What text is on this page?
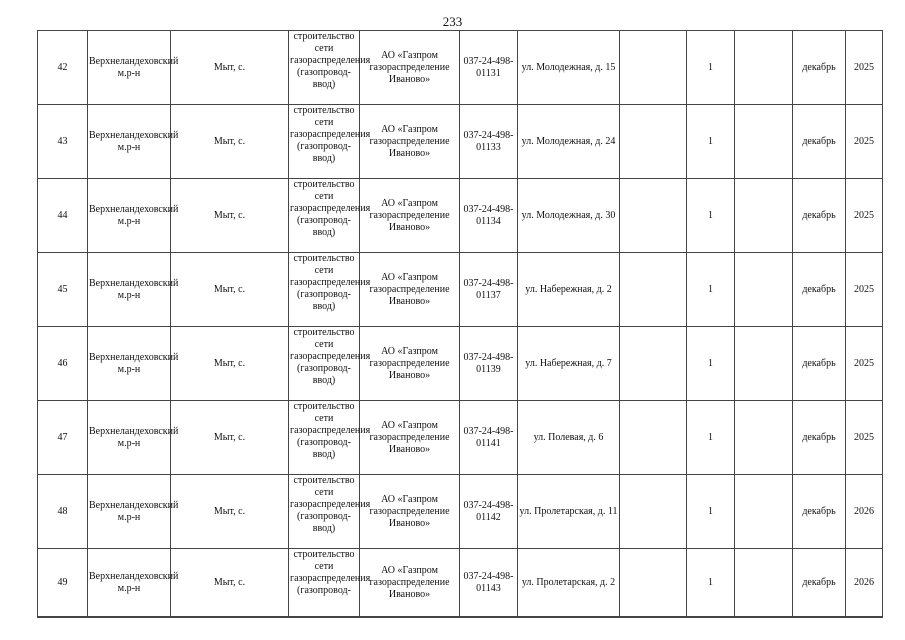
233
42	Верхнеландеховский м.р-н	Мыт, с.	строительство сети газораспределения (газопровод-ввод)	АО «Газпром газораспределение Иваново»	037-24-498-01131	ул. Молодежная, д. 15		1		декабрь	2025
43	Верхнеландеховский м.р-н	Мыт, с.	строительство сети газораспределения (газопровод-ввод)	АО «Газпром газораспределение Иваново»	037-24-498-01133	ул. Молодежная, д. 24		1		декабрь	2025
44	Верхнеландеховский м.р-н	Мыт, с.	строительство сети газораспределения (газопровод-ввод)	АО «Газпром газораспределение Иваново»	037-24-498-01134	ул. Молодежная, д. 30		1		декабрь	2025
45	Верхнеландеховский м.р-н	Мыт, с.	строительство сети газораспределения (газопровод-ввод)	АО «Газпром газораспределение Иваново»	037-24-498-01137	ул. Набережная, д. 2		1		декабрь	2025
46	Верхнеландеховский м.р-н	Мыт, с.	строительство сети газораспределения (газопровод-ввод)	АО «Газпром газораспределение Иваново»	037-24-498-01139	ул. Набережная, д. 7		1		декабрь	2025
47	Верхнеландеховский м.р-н	Мыт, с.	строительство сети газораспределения (газопровод-ввод)	АО «Газпром газораспределение Иваново»	037-24-498-01141	ул. Полевая, д. 6		1		декабрь	2025
48	Верхнеландеховский м.р-н	Мыт, с.	строительство сети газораспределения (газопровод-ввод)	АО «Газпром газораспределение Иваново»	037-24-498-01142	ул. Пролетарская, д. 11		1		декабрь	2026
49	Верхнеландеховский м.р-н	Мыт, с.	строительство сети газораспределения (газопровод-	АО «Газпром газораспределение Иваново»	037-24-498-01143	ул. Пролетарская, д. 2		1		декабрь	2026
